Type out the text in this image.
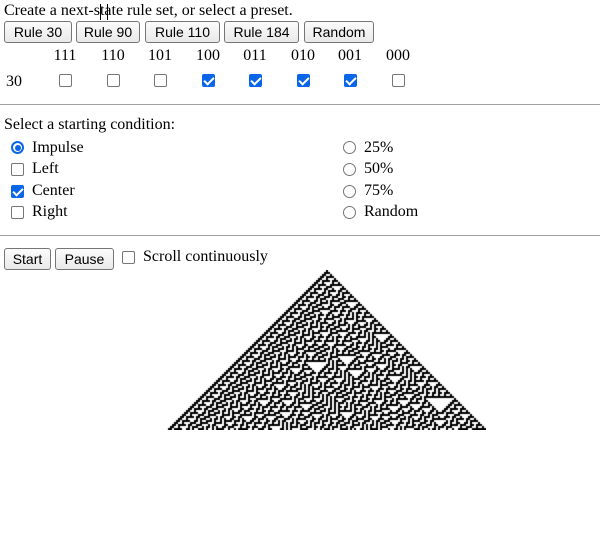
Create a next-state rule set, or select a preset.
Rule 30	Rule 90	Rule 110	Rule 184	Random
111	110	101	100	011	010	001	000
30
Select a starting condition:
Impulse
Left
Center
Right
25%
50%
75%
Random
Start	Pause	Scroll continuously
